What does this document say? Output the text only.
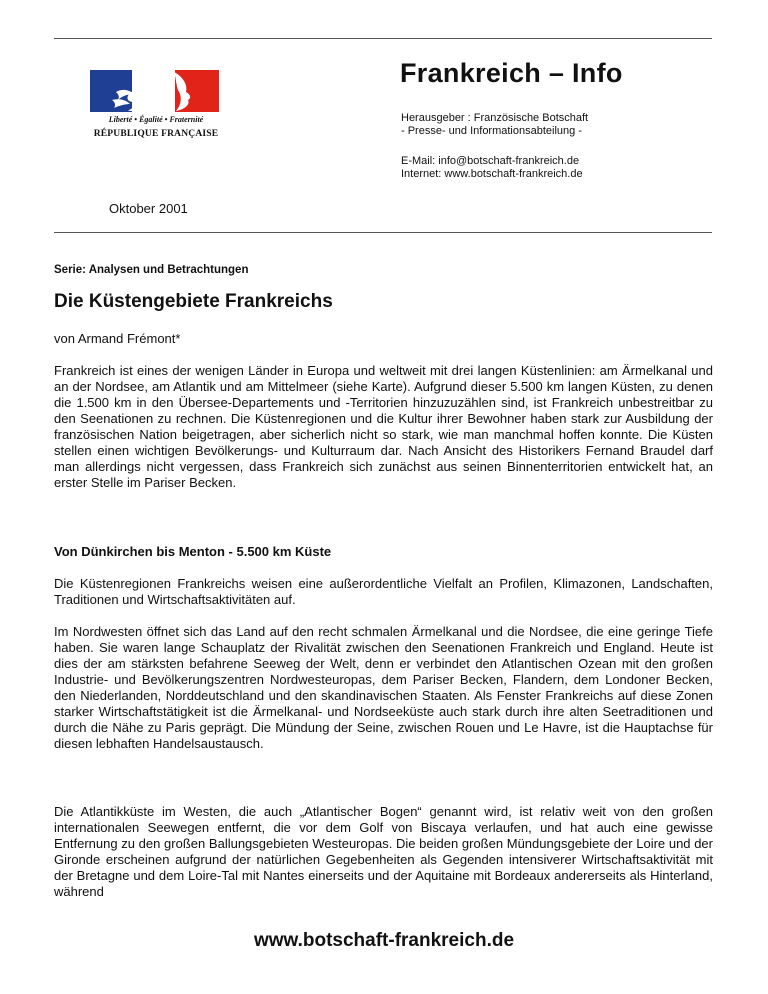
Liberté • Égalité • Fraternité
RÉPUBLIQUE FRANÇAISE
Oktober 2001
Frankreich – Info
Herausgeber : Französische Botschaft
- Presse- und Informationsabteilung -
E-Mail: info@botschaft-frankreich.de
Internet: www.botschaft-frankreich.de
Serie: Analysen und Betrachtungen
Die Küstengebiete Frankreichs
von Armand Frémont*

Frankreich ist eines der wenigen Länder in Europa und weltweit mit drei langen Küstenlinien: am Ärmelkanal und an der Nordsee, am Atlantik und am Mittelmeer (siehe Karte). Aufgrund dieser 5.500 km langen Küsten, zu denen die 1.500 km in den Übersee-Departements und -Territorien hinzuzuzählen sind, ist Frankreich unbestreitbar zu den Seenationen zu rechnen. Die Küstenregionen und die Kultur ihrer Bewohner haben stark zur Ausbildung der französischen Nation beigetragen, aber sicherlich nicht so stark, wie man manchmal hoffen konnte. Die Küsten stellen einen wichtigen Bevölkerungs- und Kulturraum dar. Nach Ansicht des Historikers Fernand Braudel darf man allerdings nicht vergessen, dass Frankreich sich zunächst aus seinen Binnenterritorien entwickelt hat, an erster Stelle im Pariser Becken.

Von Dünkirchen bis Menton - 5.500 km Küste

Die Küstenregionen Frankreichs weisen eine außerordentliche Vielfalt an Profilen, Klimazonen, Landschaften, Traditionen und Wirtschaftsaktivitäten auf.

Im Nordwesten öffnet sich das Land auf den recht schmalen Ärmelkanal und die Nordsee, die eine geringe Tiefe haben. Sie waren lange Schauplatz der Rivalität zwischen den Seenationen Frankreich und England. Heute ist dies der am stärksten befahrene Seeweg der Welt, denn er verbindet den Atlantischen Ozean mit den großen Industrie- und Bevölkerungszentren Nordwesteuropas, dem Pariser Becken, Flandern, dem Londoner Becken, den Niederlanden, Norddeutschland und den skandinavischen Staaten. Als Fenster Frankreichs auf diese Zonen starker Wirtschaftstätigkeit ist die Ärmelkanal- und Nordseeküste auch stark durch ihre alten Seetraditionen und durch die Nähe zu Paris geprägt. Die Mündung der Seine, zwischen Rouen und Le Havre, ist die Hauptachse für diesen lebhaften Handelsaustausch.

Die Atlantikküste im Westen, die auch „Atlantischer Bogen“ genannt wird, ist relativ weit von den großen internationalen Seewegen entfernt, die vor dem Golf von Biscaya verlaufen, und hat auch eine gewisse Entfernung zu den großen Ballungsgebieten Westeuropas. Die beiden großen Mündungsgebiete der Loire und der Gironde erscheinen aufgrund der natürlichen Gegebenheiten als Gegenden intensiverer Wirtschaftsaktivität mit der Bretagne und dem Loire-Tal mit Nantes einerseits und der Aquitaine mit Bordeaux andererseits als Hinterland, während

www.botschaft-frankreich.de
